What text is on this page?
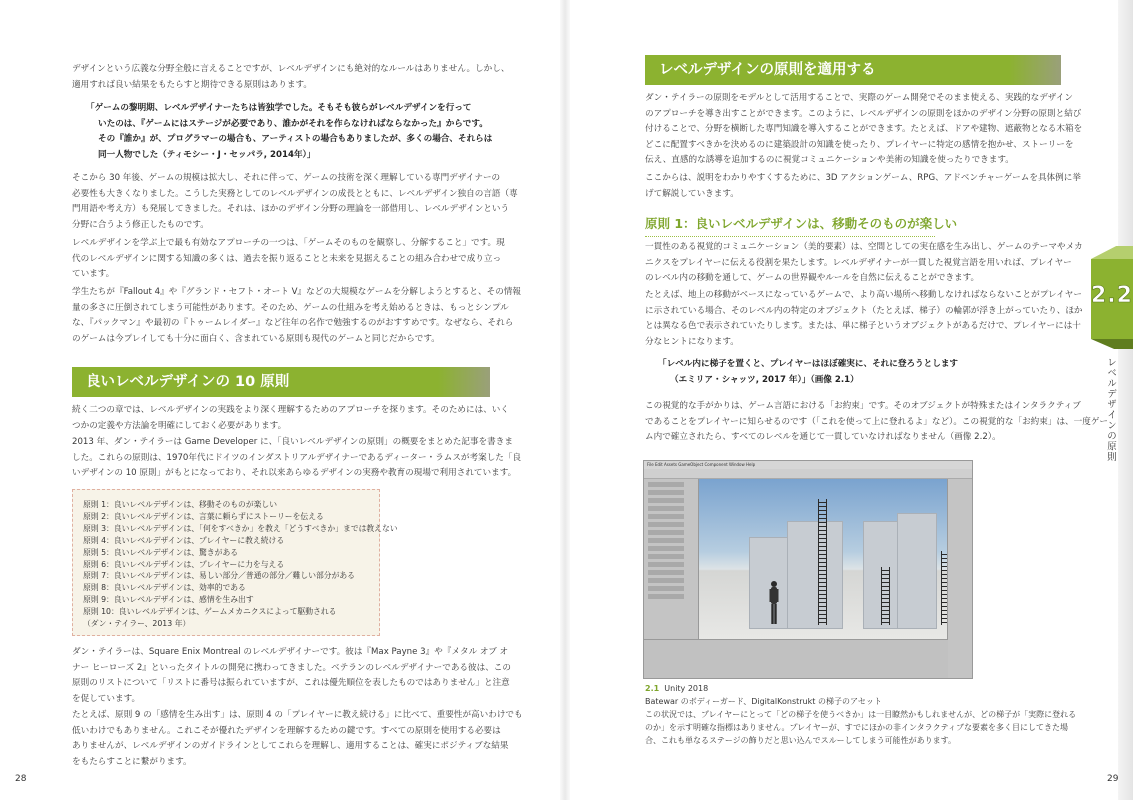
デザインという広義な分野全般に言えることですが、レベルデザインにも絶対的なルールはありません。しかし、
適用すれば良い結果をもたらすと期待できる原則はあります。
「ゲームの黎明期、レベルデザイナーたちは皆独学でした。そもそも彼らがレベルデザインを行って
いたのは、『ゲームにはステージが必要であり、誰かがそれを作らなければならなかった』からです。
その『誰か』が、プログラマーの場合も、アーティストの場合もありましたが、多くの場合、それらは
同一人物でした（ティモシー・J・セッパラ, 2014年）」
そこから 30 年後、ゲームの規模は拡大し、それに伴って、ゲームの技術を深く理解している専門デザイナーの
必要性も大きくなりました。こうした実務としてのレベルデザインの成長とともに、レベルデザイン独自の言語（専
門用語や考え方）も発展してきました。それは、ほかのデザイン分野の理論を一部借用し、レベルデザインという
分野に合うよう修正したものです。
レベルデザインを学ぶ上で最も有効なアプローチの一つは、「ゲームそのものを観察し、分解すること」です。現
代のレベルデザインに関する知識の多くは、過去を振り返ることと未来を見据えることの組み合わせで成り立っ
ています。
学生たちが『Fallout 4』や『グランド・セフト・オート V』などの大規模なゲームを分解しようとすると、その情報
量の多さに圧倒されてしまう可能性があります。そのため、ゲームの仕組みを考え始めるときは、もっとシンプル
な、『パックマン』や最初の『トゥームレイダー』など往年の名作で勉強するのがおすすめです。なぜなら、それら
のゲームは今プレイしても十分に面白く、含まれている原則も現代のゲームと同じだからです。
良いレベルデザインの 10 原則
続く二つの章では、レベルデザインの実践をより深く理解するためのアプローチを探ります。そのためには、いく
つかの定義や方法論を明確にしておく必要があります。
2013 年、ダン・テイラーは Game Developer に、「良いレベルデザインの原則」の概要をまとめた記事を書きま
した。これらの原則は、1970年代にドイツのインダストリアルデザイナーであるディーター・ラムスが考案した「良
いデザインの 10 原則」がもとになっており、それ以来あらゆるデザインの実務や教育の現場で利用されています。
原則 1：良いレベルデザインは、移動そのものが楽しい
原則 2：良いレベルデザインは、言葉に頼らずにストーリーを伝える
原則 3：良いレベルデザインは、「何をすべきか」を教え「どうすべきか」までは教えない
原則 4：良いレベルデザインは、プレイヤーに教え続ける
原則 5：良いレベルデザインは、驚きがある
原則 6：良いレベルデザインは、プレイヤーに力を与える
原則 7：良いレベルデザインは、易しい部分／普通の部分／難しい部分がある
原則 8：良いレベルデザインは、効率的である
原則 9：良いレベルデザインは、感情を生み出す
原則 10：良いレベルデザインは、ゲームメカニクスによって駆動される
（ダン・テイラー、2013 年）
ダン・テイラーは、Square Enix Montreal のレベルデザイナーです。彼は『Max Payne 3』や『メタル オブ オ
ナー ヒーローズ 2』といったタイトルの開発に携わってきました。ベテランのレベルデザイナーである彼は、この
原則のリストについて「リストに番号は振られていますが、これは優先順位を表したものではありません」と注意
を促しています。
たとえば、原則 9 の「感情を生み出す」は、原則 4 の「プレイヤーに教え続ける」に比べて、重要性が高いわけでも
低いわけでもありません。これこそが優れたデザインを理解するための鍵です。すべての原則を使用する必要は
ありませんが、レベルデザインのガイドラインとしてこれらを理解し、適用することは、確実にポジティブな結果
をもたらすことに繋がります。
28
レベルデザインの原則を適用する
ダン・テイラーの原則をモデルとして活用することで、実際のゲーム開発でそのまま使える、実践的なデザイン
のアプローチを導き出すことができます。このように、レベルデザインの原則をほかのデザイン分野の原則と結び
付けることで、分野を横断した専門知識を導入することができます。たとえば、ドアや建物、遮蔽物となる木箱を
どこに配置すべきかを決めるのに建築設計の知識を使ったり、プレイヤーに特定の感情を抱かせ、ストーリーを
伝え、直感的な誘導を追加するのに視覚コミュニケーションや美術の知識を使ったりできます。
ここからは、説明をわかりやすくするために、3D アクションゲーム、RPG、アドベンチャーゲームを具体例に挙
げて解説していきます。
原則 1：良いレベルデザインは、移動そのものが楽しい
一貫性のある視覚的コミュニケーション（美的要素）は、空間としての実在感を生み出し、ゲームのテーマやメカ
ニクスをプレイヤーに伝える役割を果たします。レベルデザイナーが一貫した視覚言語を用いれば、プレイヤー
のレベル内の移動を通して、ゲームの世界観やルールを自然に伝えることができます。
たとえば、地上の移動がベースになっているゲームで、より高い場所へ移動しなければならないことがプレイヤー
に示されている場合、そのレベル内の特定のオブジェクト（たとえば、梯子）の輪郭が浮き上がっていたり、ほか
とは異なる色で表示されていたりします。または、単に梯子というオブジェクトがあるだけで、プレイヤーには十
分なヒントになります。
「レベル内に梯子を置くと、プレイヤーはほぼ確実に、それに登ろうとします
（エミリア・シャッツ, 2017 年）」（画像 2.1）
この視覚的な手がかりは、ゲーム言語における「お約束」です。そのオブジェクトが特殊またはインタラクティブ
であることをプレイヤーに知らせるのです（「これを使って上に登れるよ」など）。この視覚的な「お約束」は、一度ゲー
ム内で確立されたら、すべてのレベルを通じて一貫していなければなりません（画像 2.2）。
File Edit Assets GameObject Component Window Help
2.1 Unity 2018
Batewar のボディーガード、DigitalKonstrukt の梯子のアセット
この状況では、プレイヤーにとって「どの梯子を使うべきか」は一目瞭然かもしれませんが、どの梯子が「実際に登れる
のか」を示す明確な指標はありません。プレイヤーが、すでにほかの非インタラクティブな要素を多く目にしてきた場
合、これも単なるステージの飾りだと思い込んでスルーしてしまう可能性があります。
2.2
レベルデザインの原則
29
